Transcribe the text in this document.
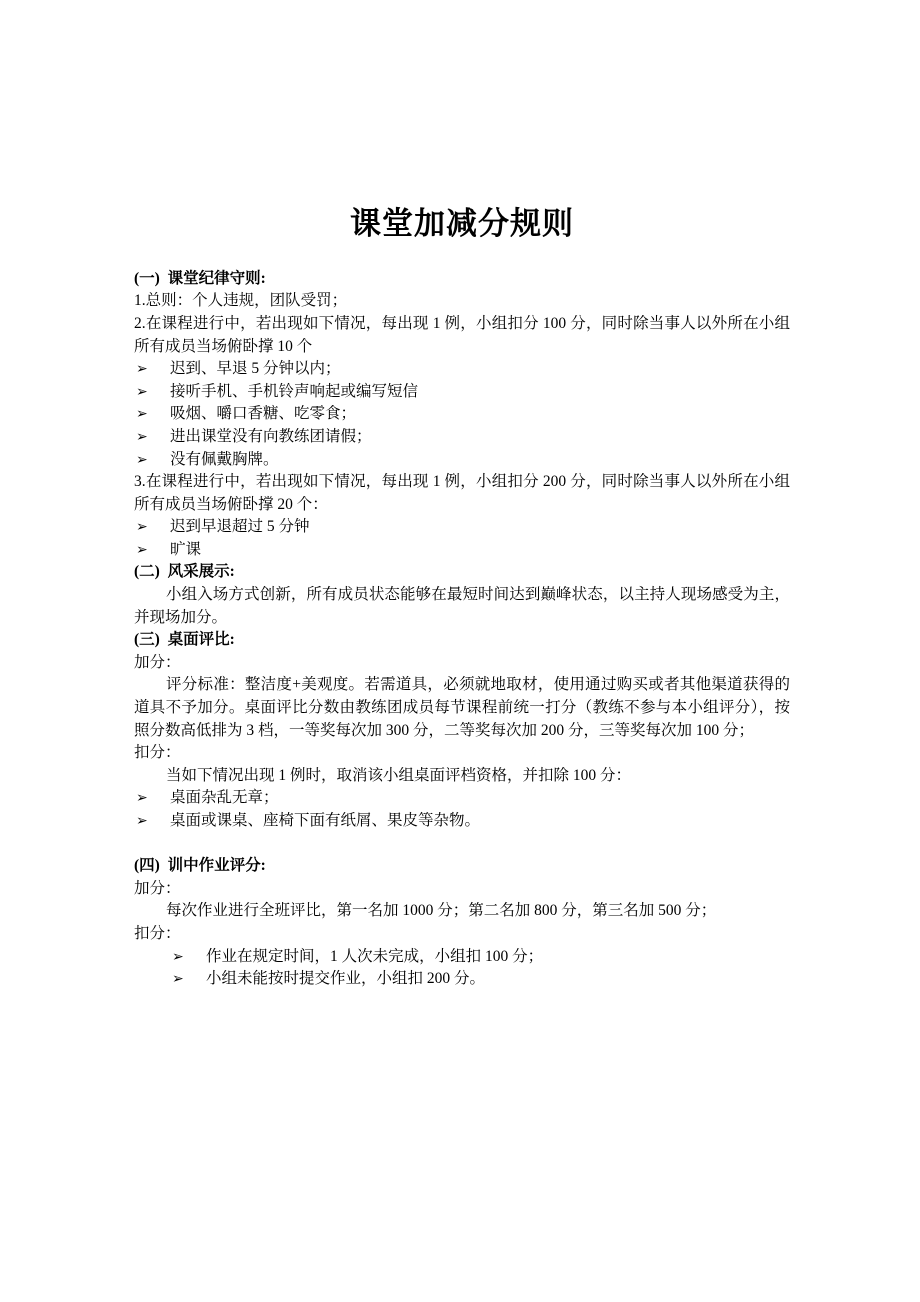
课堂加减分规则

(一)  课堂纪律守则:

1.总则：个人违规，团队受罚；

2.在课程进行中，若出现如下情况，每出现 1 例，小组扣分 100 分，同时除当事人以外所在小组所有成员当场俯卧撑 10 个

➢ 迟到、早退 5 分钟以内；
➢ 接听手机、手机铃声响起或编写短信
➢ 吸烟、嚼口香糖、吃零食；
➢ 进出课堂没有向教练团请假；
➢ 没有佩戴胸牌。

3.在课程进行中，若出现如下情况，每出现 1 例，小组扣分 200 分，同时除当事人以外所在小组所有成员当场俯卧撑 20 个：

➢ 迟到早退超过 5 分钟
➢ 旷课

(二)  风采展示:

小组入场方式创新，所有成员状态能够在最短时间达到巅峰状态，以主持人现场感受为主，并现场加分。

(三)  桌面评比:

加分：

评分标准：整洁度+美观度。若需道具，必须就地取材，使用通过购买或者其他渠道获得的道具不予加分。桌面评比分数由教练团成员每节课程前统一打分（教练不参与本小组评分），按照分数高低排为 3 档，一等奖每次加 300 分，二等奖每次加 200 分，三等奖每次加 100 分；

扣分：

当如下情况出现 1 例时，取消该小组桌面评档资格，并扣除 100 分：

➢ 桌面杂乱无章；
➢ 桌面或课桌、座椅下面有纸屑、果皮等杂物。

(四)  训中作业评分:

加分：

每次作业进行全班评比，第一名加 1000 分；第二名加 800 分，第三名加 500 分；

扣分：

➢ 作业在规定时间，1 人次未完成，小组扣 100 分；
➢ 小组未能按时提交作业，小组扣 200 分。
